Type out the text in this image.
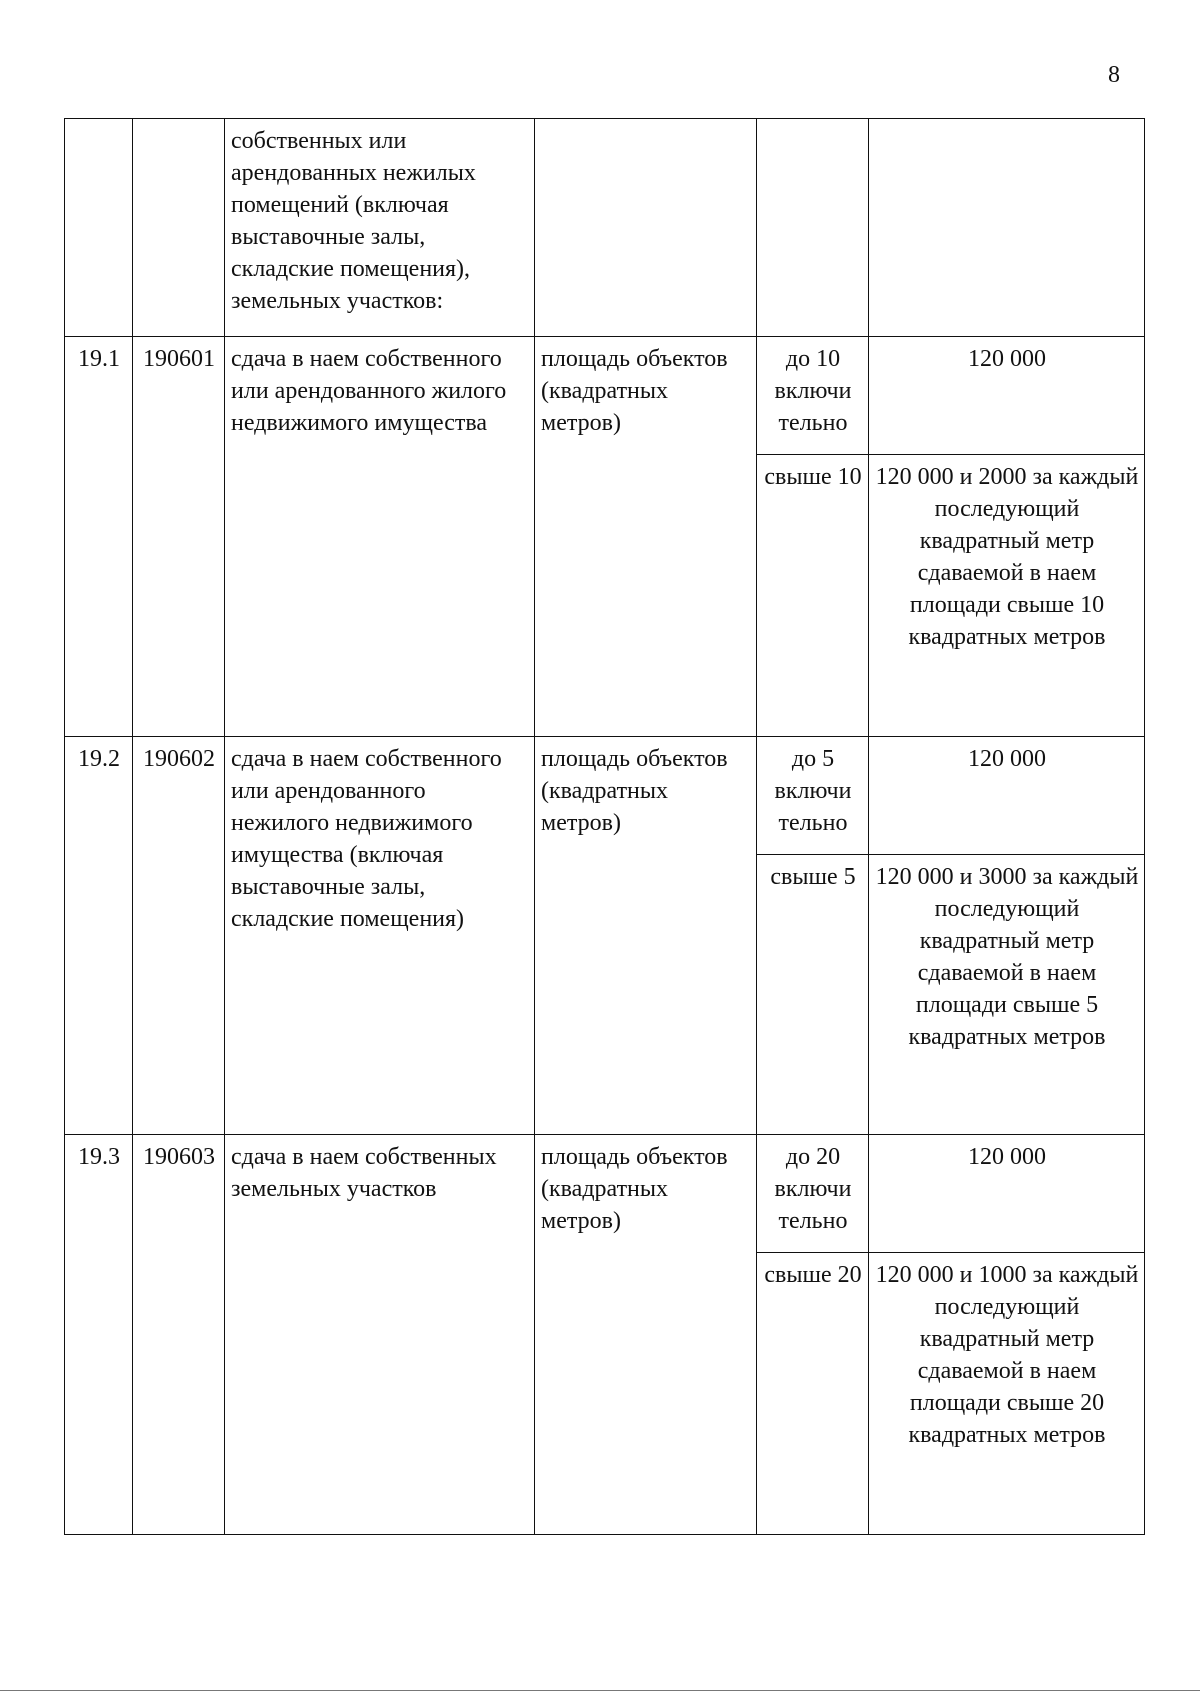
8
		собственных или арендованных нежилых помещений (включая выставочные залы, складские помещения), земельных участков:			
19.1	190601	сдача в наем собственного или арендованного жилого недвижимого имущества	площадь объектов (квадратных метров)	до 10 включи тельно	120 000
				свыше 10	120 000 и 2000 за каждый последующий квадратный метр сдаваемой в наем площади свыше 10 квадратных метров
19.2	190602	сдача в наем собственного или арендованного нежилого недвижимого имущества (включая выставочные залы, складские помещения)	площадь объектов (квадратных метров)	до 5 включи тельно	120 000
				свыше 5	120 000 и 3000 за каждый последующий квадратный метр сдаваемой в наем площади свыше 5 квадратных метров
19.3	190603	сдача в наем собственных земельных участков	площадь объектов (квадратных метров)	до 20 включи тельно	120 000
				свыше 20	120 000 и 1000 за каждый последующий квадратный метр сдаваемой в наем площади свыше 20 квадратных метров
